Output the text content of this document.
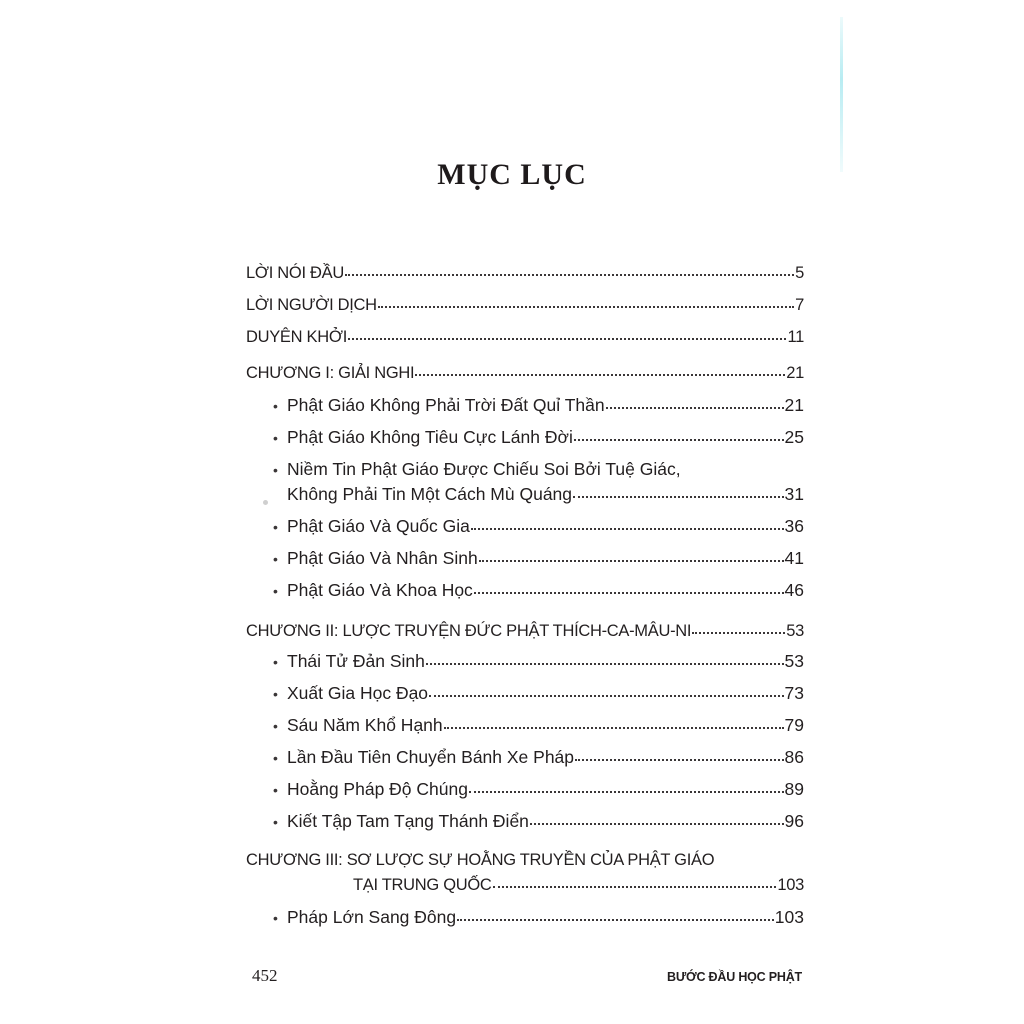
MỤC LỤC
LỜI NÓI ĐẦU	5
LỜI NGƯỜI DỊCH	7
DUYÊN KHỞI	11
CHƯƠNG I: GIẢI NGHI	21
• Phật Giáo Không Phải Trời Đất Quỉ Thần	21
• Phật Giáo Không Tiêu Cực Lánh Đời	25
• Niềm Tin Phật Giáo Được Chiếu Soi Bởi Tuệ Giác,
Không Phải Tin Một Cách Mù Quáng	31
• Phật Giáo Và Quốc Gia	36
• Phật Giáo Và Nhân Sinh	41
• Phật Giáo Và Khoa Học	46
CHƯƠNG II: LƯỢC TRUYỆN ĐỨC PHẬT THÍCH-CA-MÂU-NI	53
• Thái Tử Đản Sinh	53
• Xuất Gia Học Đạo	73
• Sáu Năm Khổ Hạnh	79
• Lần Đầu Tiên Chuyển Bánh Xe Pháp	86
• Hoằng Pháp Độ Chúng	89
• Kiết Tập Tam Tạng Thánh Điển	96
CHƯƠNG III: SƠ LƯỢC SỰ HOẰNG TRUYỀN CỦA PHẬT GIÁO
TẠI TRUNG QUỐC	103
• Pháp Lớn Sang Đông	103
452	BƯỚC ĐẦU HỌC PHẬT
